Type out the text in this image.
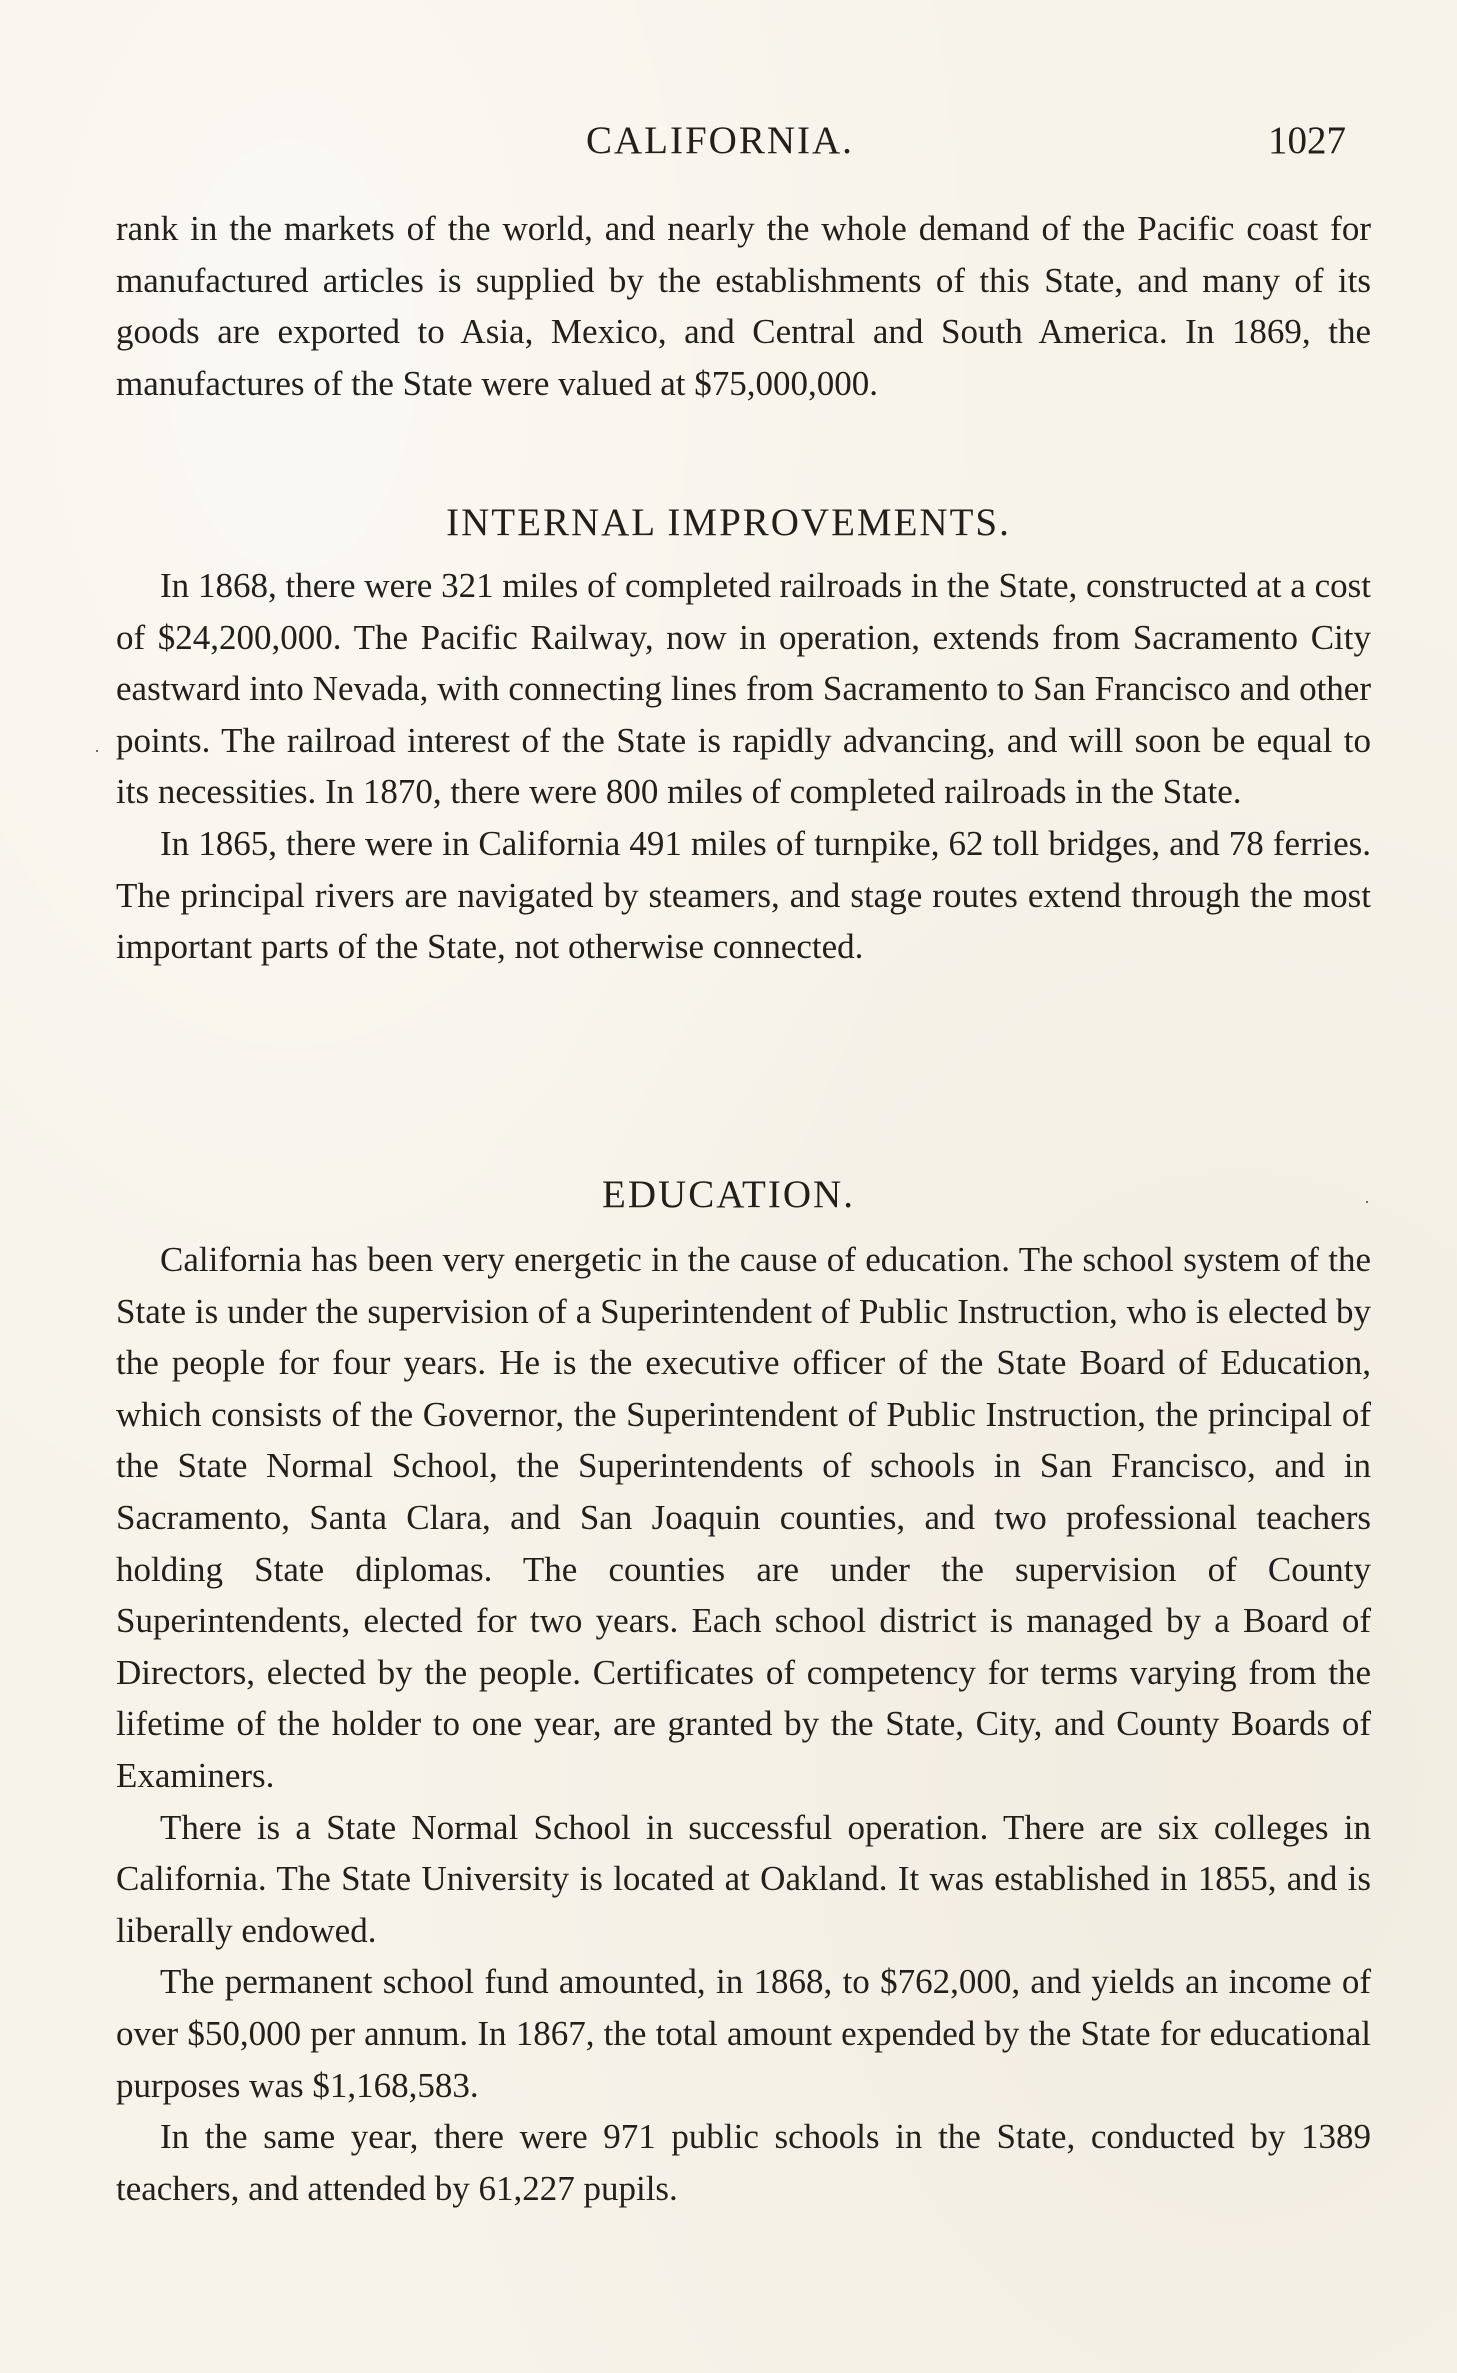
CALIFORNIA.	1027

rank in the markets of the world, and nearly the whole demand of the Pacific coast for manufactured articles is supplied by the establishments of this State, and many of its goods are exported to Asia, Mexico, and Central and South America. In 1869, the manufactures of the State were valued at $75,000,000.

INTERNAL IMPROVEMENTS.

In 1868, there were 321 miles of completed railroads in the State, constructed at a cost of $24,200,000. The Pacific Railway, now in operation, extends from Sacramento City eastward into Nevada, with connecting lines from Sacramento to San Francisco and other points. The railroad interest of the State is rapidly advancing, and will soon be equal to its necessities. In 1870, there were 800 miles of completed railroads in the State.

In 1865, there were in California 491 miles of turnpike, 62 toll bridges, and 78 ferries. The principal rivers are navigated by steamers, and stage routes extend through the most important parts of the State, not otherwise connected.

EDUCATION.

California has been very energetic in the cause of education. The school system of the State is under the supervision of a Superintendent of Public Instruction, who is elected by the people for four years. He is the executive officer of the State Board of Education, which consists of the Governor, the Superintendent of Public Instruction, the principal of the State Normal School, the Superintendents of schools in San Francisco, and in Sacramento, Santa Clara, and San Joaquin counties, and two professional teachers holding State diplomas. The counties are under the supervision of County Superintendents, elected for two years. Each school district is managed by a Board of Directors, elected by the people. Certificates of competency for terms varying from the lifetime of the holder to one year, are granted by the State, City, and County Boards of Examiners.

There is a State Normal School in successful operation. There are six colleges in California. The State University is located at Oakland. It was established in 1855, and is liberally endowed.

The permanent school fund amounted, in 1868, to $762,000, and yields an income of over $50,000 per annum. In 1867, the total amount expended by the State for educational purposes was $1,168,583.

In the same year, there were 971 public schools in the State, conducted by 1389 teachers, and attended by 61,227 pupils.

·
·
